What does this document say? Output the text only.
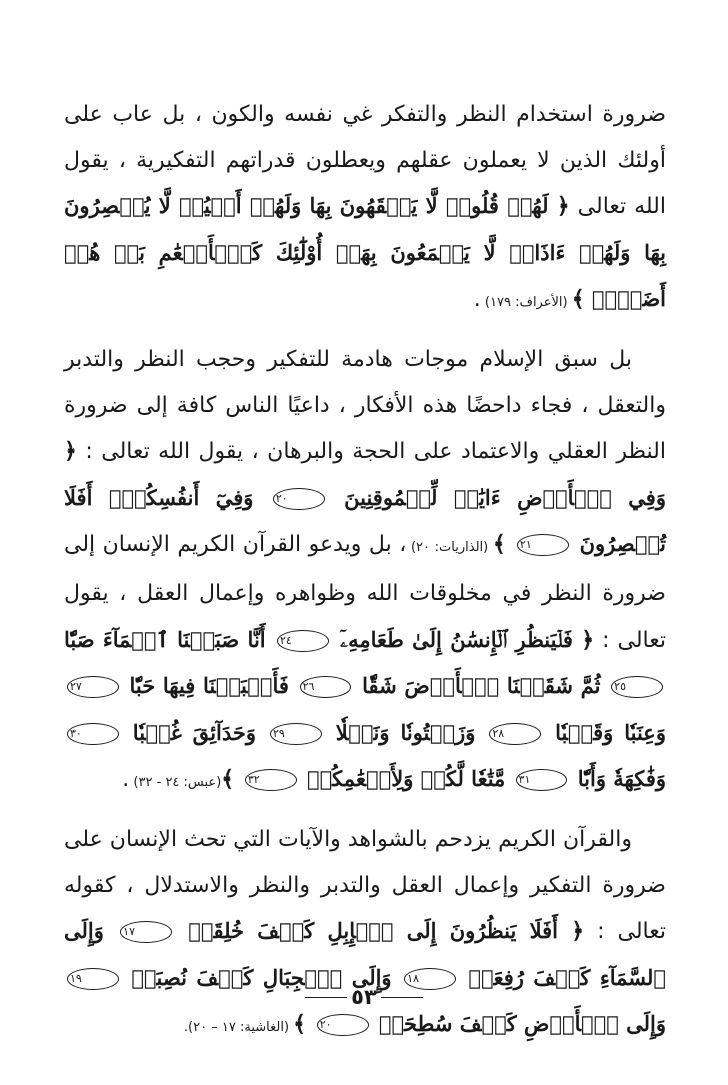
ضرورة استخدام النظر والتفكر غي نفسه والكون ، بل عاب على أولئك الذين لا يعملون عقلهم ويعطلون قدراتهم التفكيرية ، يقول الله تعالى ﴿ لَهُمۡ قُلُوبٞ لَّا يَفۡقَهُونَ بِهَا وَلَهُمۡ أَعۡيُنٞ لَّا يُبۡصِرُونَ بِهَا وَلَهُمۡ ءَاذَانٞ لَّا يَسۡمَعُونَ بِهَآۚ أُوْلَٰٓئِكَ كَٱلۡأَنۡعَٰمِ بَلۡ هُمۡ أَضَلُّۚ ﴾ (الأعراف: ١٧٩) .

بل سبق الإسلام موجات هادمة للتفكير وحجب النظر والتدبر والتعقل ، فجاء داحضًا هذه الأفكار ، داعيًا الناس كافة إلى ضرورة النظر العقلي والاعتماد على الحجة والبرهان ، يقول الله تعالى : ﴿ وَفِي ٱلۡأَرۡضِ ءَايَٰتٞ لِّلۡمُوقِنِينَ ٢٠ وَفِيٓ أَنفُسِكُمۡۚ أَفَلَا تُبۡصِرُونَ ٢١ ﴾ (الذاريات: ٢٠) ، بل ويدعو القرآن الكريم الإنسان إلى ضرورة النظر في مخلوقات الله وظواهره وإعمال العقل ، يقول تعالى : ﴿ فَلۡيَنظُرِ ٱلۡإِنسَٰنُ إِلَىٰ طَعَامِهِۦٓ ٢٤ أَنَّا صَبَبۡنَا ٱلۡمَآءَ صَبّٗا ٢٥ ثُمَّ شَقَقۡنَا ٱلۡأَرۡضَ شَقّٗا ٢٦ فَأَنۢبَتۡنَا فِيهَا حَبّٗا ٢٧ وَعِنَبٗا وَقَضۡبٗا ٢٨ وَزَيۡتُونٗا وَنَخۡلٗا ٢٩ وَحَدَآئِقَ غُلۡبٗا ٣٠ وَفَٰكِهَةٗ وَأَبّٗا ٣١ مَّتَٰعٗا لَّكُمۡ وَلِأَنۡعَٰمِكُمۡ ٣٢ ﴾(عبس: ٢٤ - ٣٢) .

والقرآن الكريم يزدحم بالشواهد والآيات التي تحث الإنسان على ضرورة التفكير وإعمال العقل والتدبر والنظر والاستدلال ، كقوله تعالى : ﴿ أَفَلَا يَنظُرُونَ إِلَى ٱلۡإِبِلِ كَيۡفَ خُلِقَتۡ ١٧ وَإِلَى ٱلسَّمَآءِ كَيۡفَ رُفِعَتۡ ١٨ وَإِلَى ٱلۡجِبَالِ كَيۡفَ نُصِبَتۡ ١٩ وَإِلَى ٱلۡأَرۡضِ كَيۡفَ سُطِحَتۡ ٢٠ ﴾ (الغاشية: ١٧ – ٢٠).

٥٣
